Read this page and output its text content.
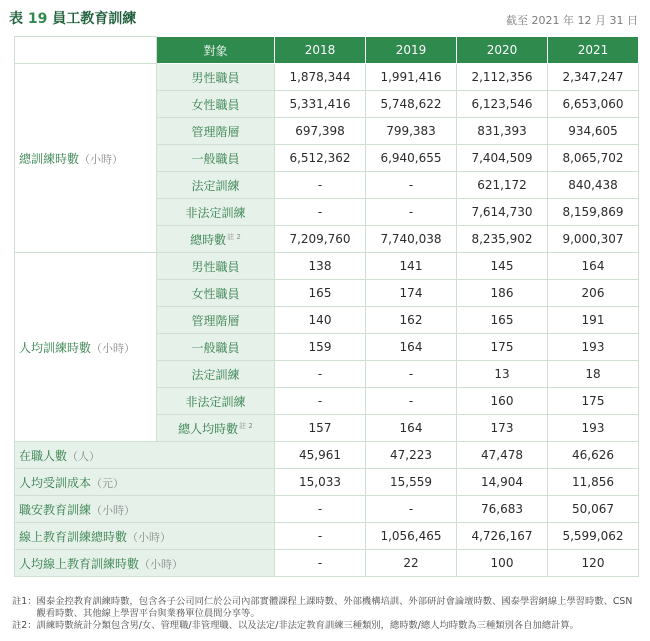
表 19 員工教育訓練	截至 2021 年 12 月 31 日
	對象	2018	2019	2020	2021
總訓練時數（小時）	男性職員	1,878,344	1,991,416	2,112,356	2,347,247
	女性職員	5,331,416	5,748,622	6,123,546	6,653,060
	管理階層	697,398	799,383	831,393	934,605
	一般職員	6,512,362	6,940,655	7,404,509	8,065,702
	法定訓練	-	-	621,172	840,438
	非法定訓練	-	-	7,614,730	8,159,869
	總時數$^{註 2}$	7,209,760	7,740,038	8,235,902	9,000,307
人均訓練時數（小時）	男性職員	138	141	145	164
	女性職員	165	174	186	206
	管理階層	140	162	165	191
	一般職員	159	164	175	193
	法定訓練	-	-	13	18
	非法定訓練	-	-	160	175
	總人均時數$^{註 2}$	157	164	173	193
在職人數（人）		45,961	47,223	47,478	46,626
人均受訓成本（元）		15,033	15,559	14,904	11,856
職安教育訓練（小時）		-	-	76,683	50,067
線上教育訓練總時數（小時）		-	1,056,465	4,726,167	5,599,062
人均線上教育訓練時數（小時）		-	22	100	120
註1： 國泰金控教育訓練時數，包含各子公司同仁於公司內部實體課程上課時數、外部機構培訓、外部研討會論壇時數、國泰學習網線上學習時數、CSN觀看時數、其他線上學習平台與業務單位晨間分享等。
註2： 訓練時數統計分類包含男/女、管理職/非管理職、以及法定/非法定教育訓練三種類別，總時數/總人均時數為三種類別各自加總計算。
